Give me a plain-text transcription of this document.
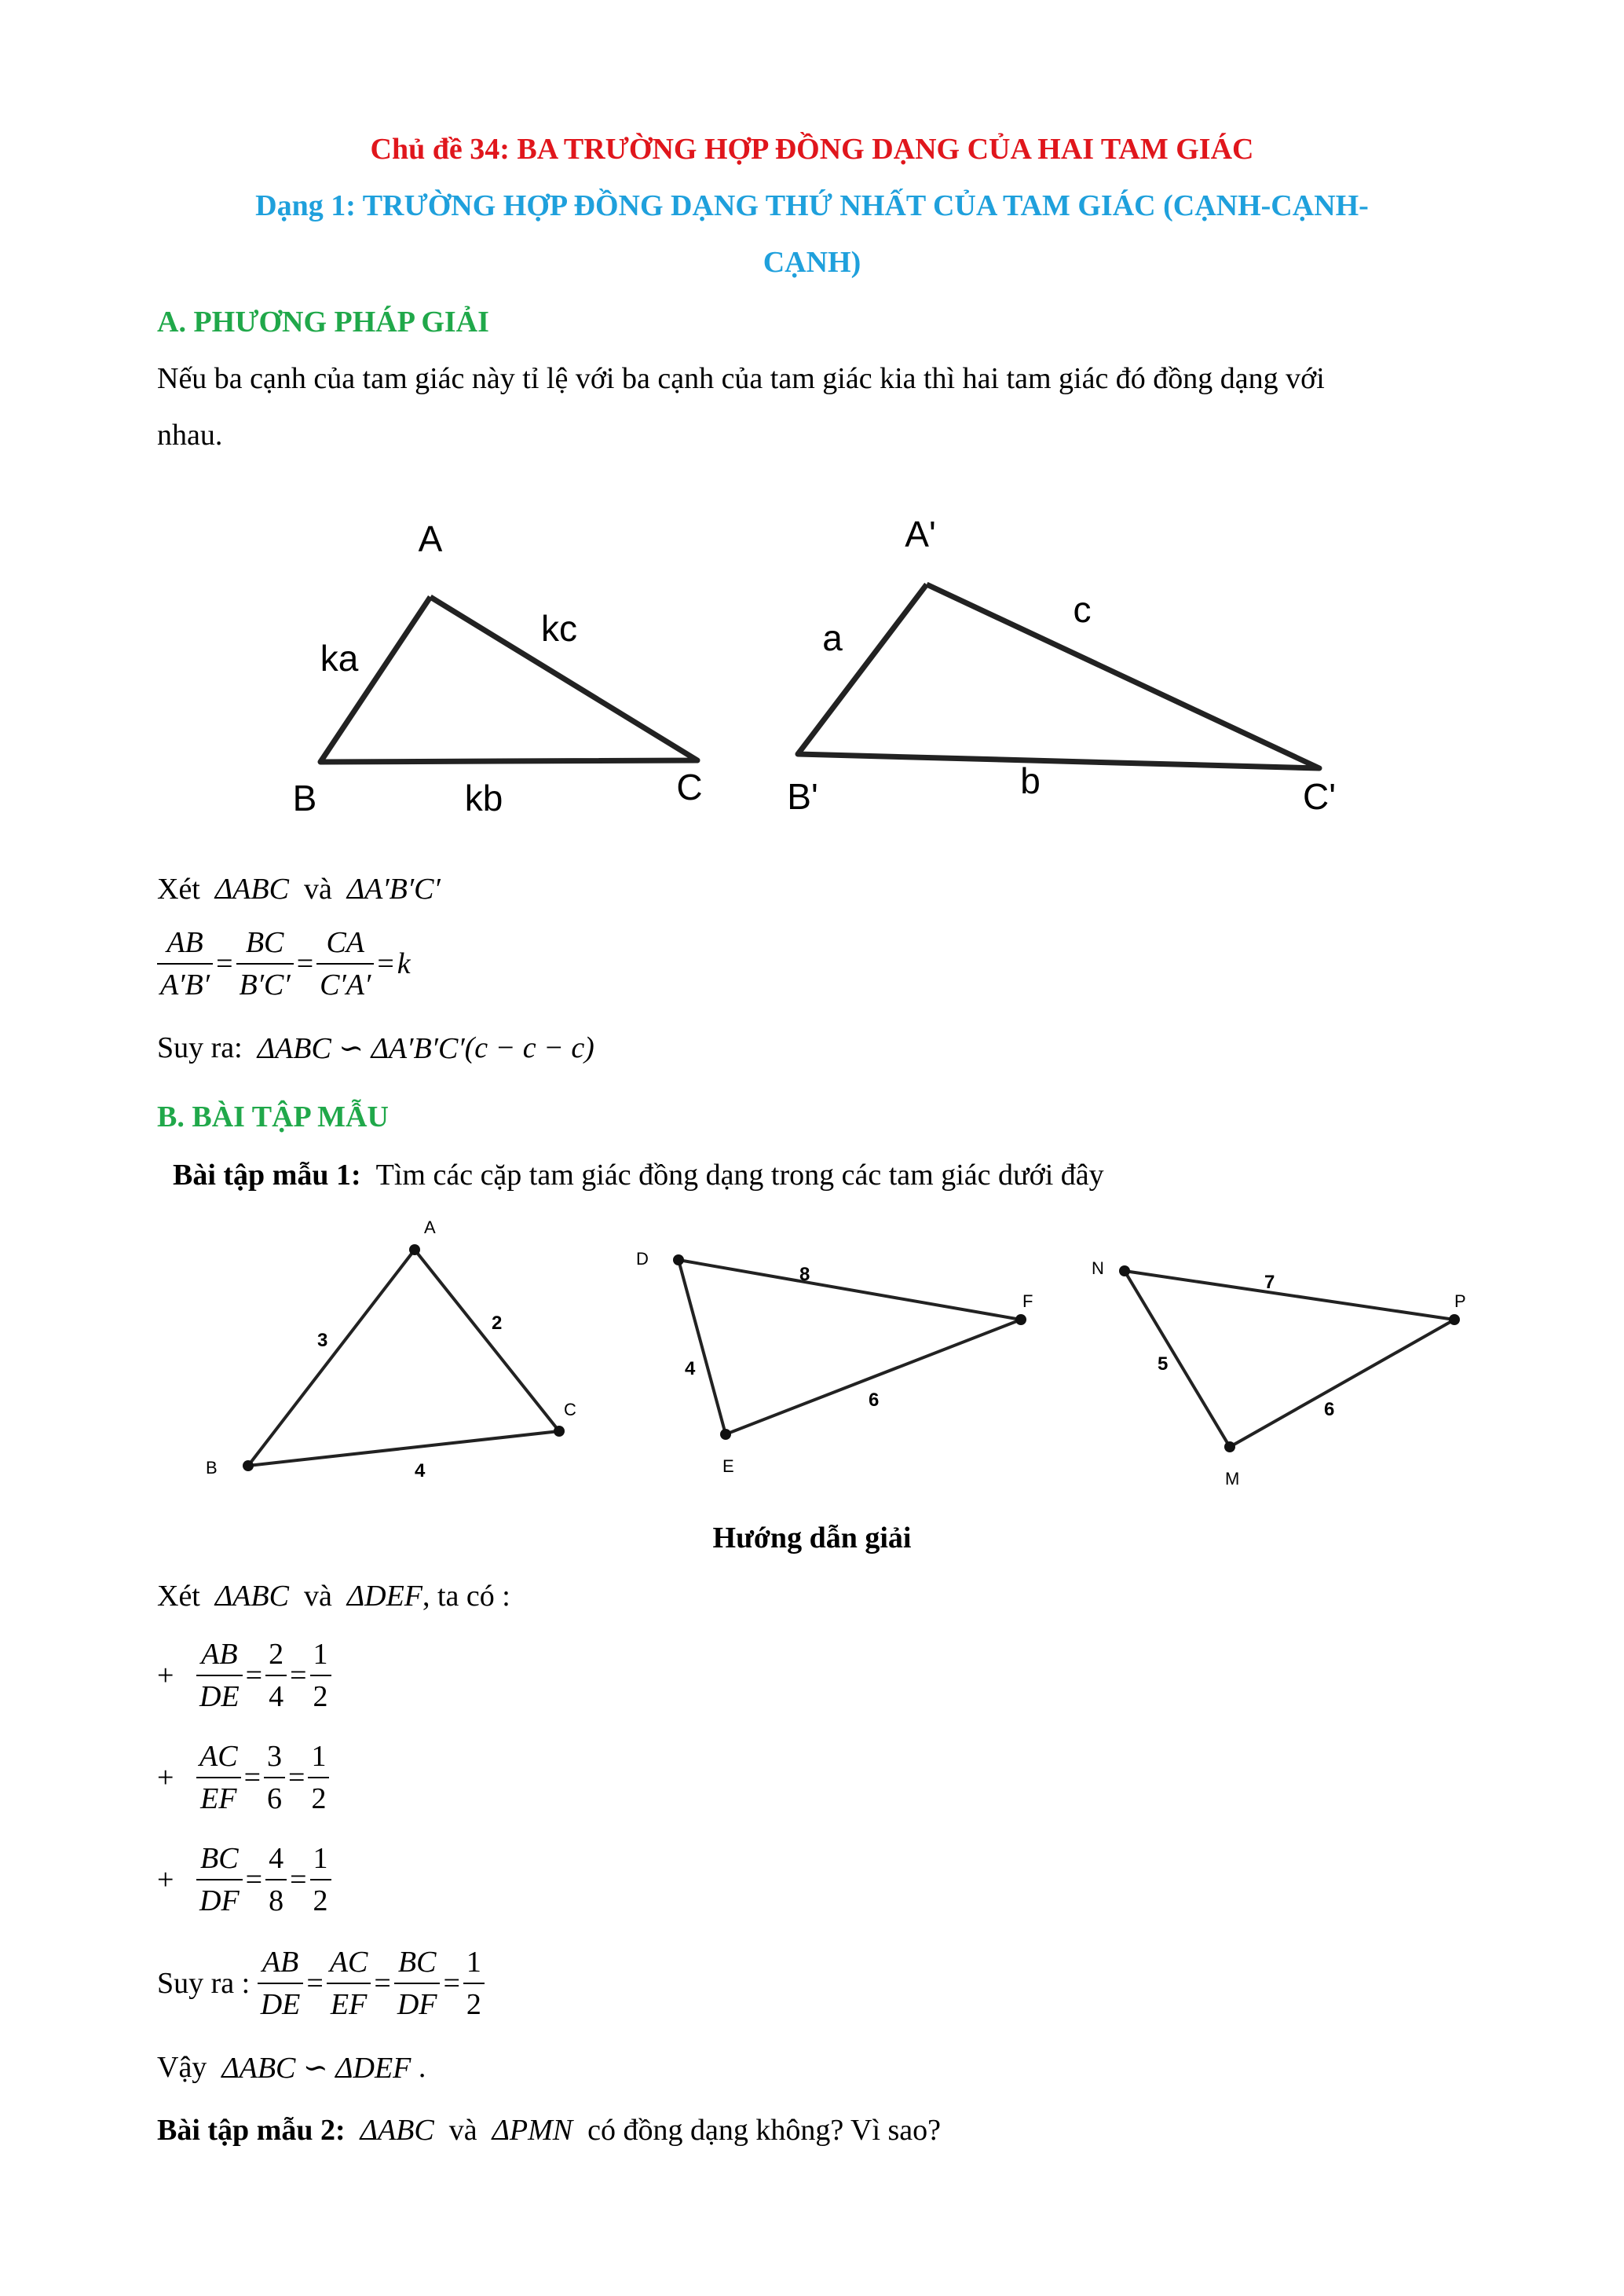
Chủ đề 34: BA TRƯỜNG HỢP ĐỒNG DẠNG CỦA HAI TAM GIÁC
Dạng 1: TRƯỜNG HỢP ĐỒNG DẠNG THỨ NHẤT CỦA TAM GIÁC (CẠNH-CẠNH-
CẠNH)
A. PHƯƠNG PHÁP GIẢI
Nếu ba cạnh của tam giác này tỉ lệ với ba cạnh của tam giác kia thì hai tam giác đó đồng dạng với
nhau.
A
B	C
ka
kc
kb
A'
B'	C'
a
c
b
Xét
ΔABC
và
ΔA′B′C′
$\frac{AB}{A'B'} = \frac{BC}{B'C'} = \frac{CA}{C'A'} = k$
Suy ra:
ΔABC ∽ ΔA′B′C′ (c − c − c)
B. BÀI TẬP MẪU
Bài tập mẫu 1:
Tìm các cặp tam giác đồng dạng trong các tam giác dưới đây
A
B
C
3
2
4
D
E
F
4
8
6
N
M
P
5
7
6
Hướng dẫn giải
Xét
ΔABC
và
ΔDEF , ta có :
+ $\frac{AB}{DE} = \frac{2}{4} = \frac{1}{2}$
+ $\frac{AC}{EF} = \frac{3}{6} = \frac{1}{2}$
+ $\frac{BC}{DF} = \frac{4}{8} = \frac{1}{2}$
Suy ra :
$\frac{AB}{DE} = \frac{AC}{EF} = \frac{BC}{DF} = \frac{1}{2}$
Vậy
ΔABC ∽ ΔDEF
.
Bài tập mẫu 2:
ΔABC
và
ΔPMN
có đồng dạng không? Vì sao?
